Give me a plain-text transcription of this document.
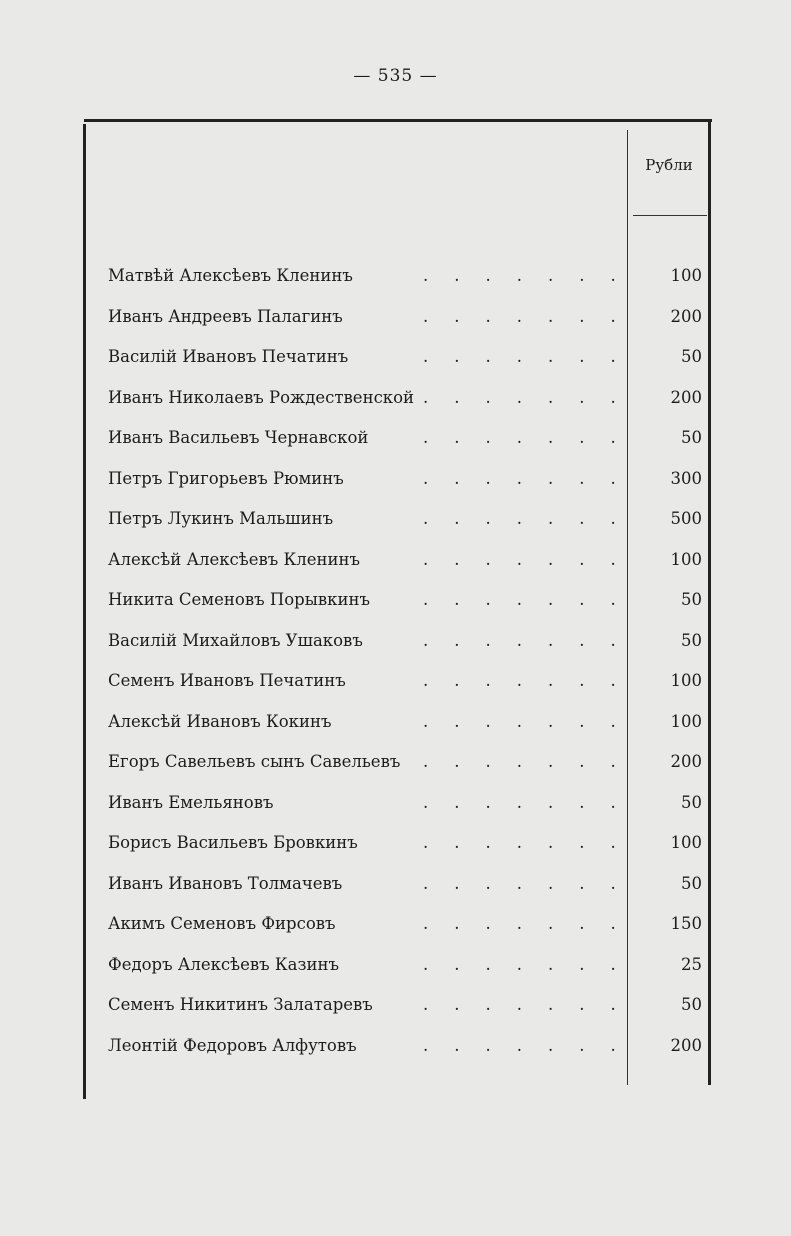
— 535 —
Рубли
Матвѣй Алексѣевъ Кленинъ	.......	100
Иванъ Андреевъ Палагинъ	.......	200
Василій Ивановъ Печатинъ	.......	50
Иванъ Николаевъ Рождественской .......	200
Иванъ Васильевъ Чернавской	.......	50
Петръ Григорьевъ Рюминъ	.......	300
Петръ Лукинъ Мальшинъ	.......	500
Алексѣй Алексѣевъ Кленинъ	.......	100
Никита Семеновъ Порывкинъ	.......	50
Василій Михайловъ Ушаковъ	.......	50
Семенъ Ивановъ Печатинъ	.......	100
Алексѣй Ивановъ Кокинъ	.......	100
Егоръ Савельевъ сынъ Савельевъ .......	200
Иванъ Емельяновъ	.......	50
Борисъ Васильевъ Бровкинъ	.......	100
Иванъ Ивановъ Толмачевъ	.......	50
Акимъ Семеновъ Фирсовъ	.......	150
Федоръ Алексѣевъ Казинъ	.......	25
Семенъ Никитинъ Залатаревъ	.......	50
Леонтій Федоровъ Алфутовъ	.......	200
